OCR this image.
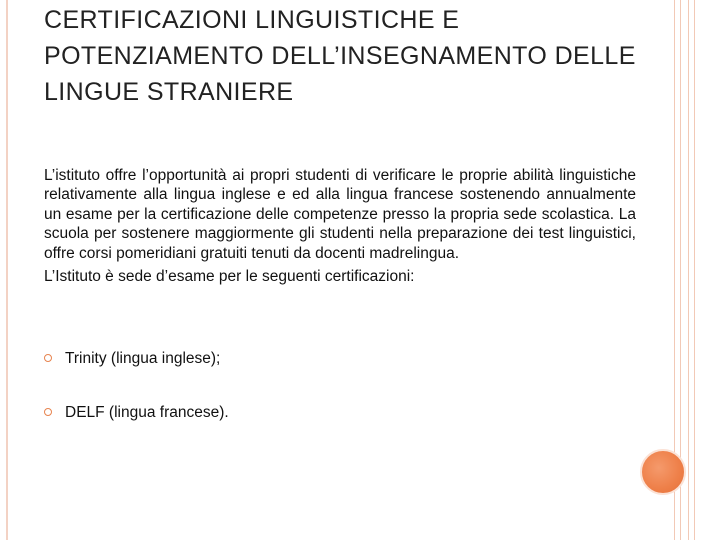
CERTIFICAZIONI LINGUISTICHE E POTENZIAMENTO DELL’INSEGNAMENTO DELLE LINGUE STRANIERE

L’istituto offre l’opportunità ai propri studenti di verificare le proprie abilità linguistiche relativamente alla lingua inglese e ed alla lingua francese sostenendo annualmente un esame per la certificazione delle competenze presso la propria sede scolastica. La scuola per sostenere maggiormente gli studenti nella preparazione dei test linguistici, offre corsi pomeridiani gratuiti tenuti da docenti madrelingua.

L’Istituto è sede d’esame per le seguenti certificazioni:

Trinity (lingua inglese);
DELF (lingua francese).
